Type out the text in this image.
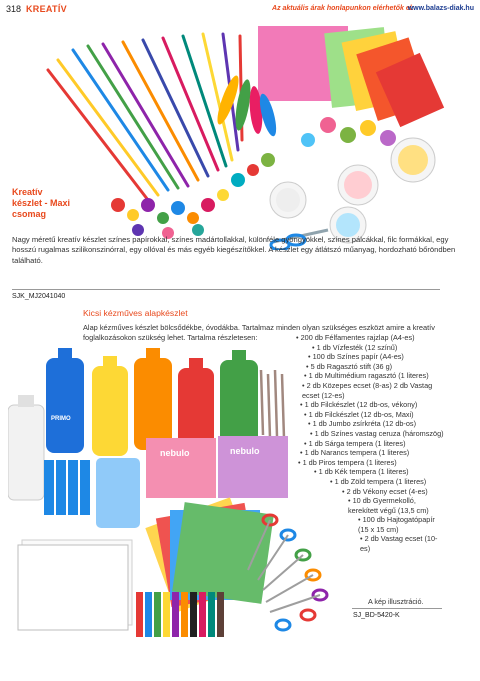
318 KREATÍV	Az aktuális árak honlapunkon elérhetők el:
www.balazs-diak.hu
Kreatív készlet - Maxi csomag
Nagy méretű kreatív készlet színes papírokkal, színes madártollakkal, különféle gyöngyökkel, színes pálcákkal, filc formákkal, egy hosszú rugalmas szilikonszinórral, egy ollóval és más egyéb kiegészítőkkel. A készlet egy átlátszó műanyag, hordozható bőröndben található.
SJK_MJ2041040
Kicsi kézműves alapkészlet
Alap kézműves készlet bölcsődékbe, óvodákba. Tartalmaz minden olyan szükséges eszközt amire a kreatív foglalkozásokon szükség lehet. Tartalma részletesen:	• 200 db Félfamentes rajzlap (A4-es)
• 1 db Vízfesték (12 színű)
• 100 db Színes papír (A4-es)
• 5 db Ragasztó stift (36 g)
• 1 db Multimédium ragasztó (1 literes)
• 2 db Közepes ecset (8-as) 2 db Vastag ecset (12-es)
• 1 db Filckészlet (12 db-os, vékony)
• 1 db Filckészlet (12 db-os, Maxi)
• 1 db Jumbo zsírkréta (12 db-os)
• 1 db Színes vastag ceruza (háromszög)
• 1 db Sárga tempera (1 literes)
• 1 db Narancs tempera (1 literes)
• 1 db Piros tempera (1 literes)
• 1 db Kék tempera (1 literes)
• 1 db Zöld tempera (1 literes)
• 2 db Vékony ecset (4-es)
• 10 db Gyermekolló, kerekített végű (13,5 cm)
• 100 db Hajtogatópapír (15 x 15 cm)
• 2 db Vastag ecset (10-es)
PRIMO
nebulo	nebulo
A kép illusztráció.
SJ_BD-5420-K
